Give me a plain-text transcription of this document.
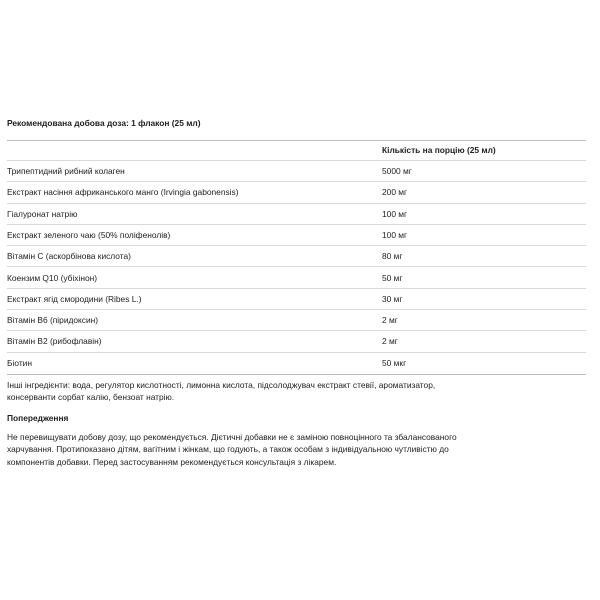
Рекомендована добова доза: 1 флакон (25 мл)
Кількість на порцію (25 мл)
Трипептидний рибний колаген	5000 мг
Екстракт насіння африканського манго (Irvingia gabonensis)	200 мг
Гіалуронат натрію	100 мг
Екстракт зеленого чаю (50% поліфенолів)	100 мг
Вітамін С (аскорбінова кислота)	80 мг
Коензим Q10 (убіхінон)	50 мг
Екстракт ягід смородини (Ribes L.)	30 мг
Вітамін В6 (піридоксин)	2 мг
Вітамін В2 (рибофлавін)	2 мг
Біотин	50 мкг
Інші інгредієнти: вода, регулятор кислотності, лимонна кислота, підсолоджувач екстракт стевії, ароматизатор,
консерванти сорбат калію, бензоат натрію.
Попередження
Не перевищувати добову дозу, що рекомендується. Дієтичні добавки не є заміною повноцінного та збалансованого
харчування. Протипоказано дітям, вагітним і жінкам, що годують, а також особам з індивідуальною чутливістю до
компонентів добавки. Перед застосуванням рекомендується консультація з лікарем.
